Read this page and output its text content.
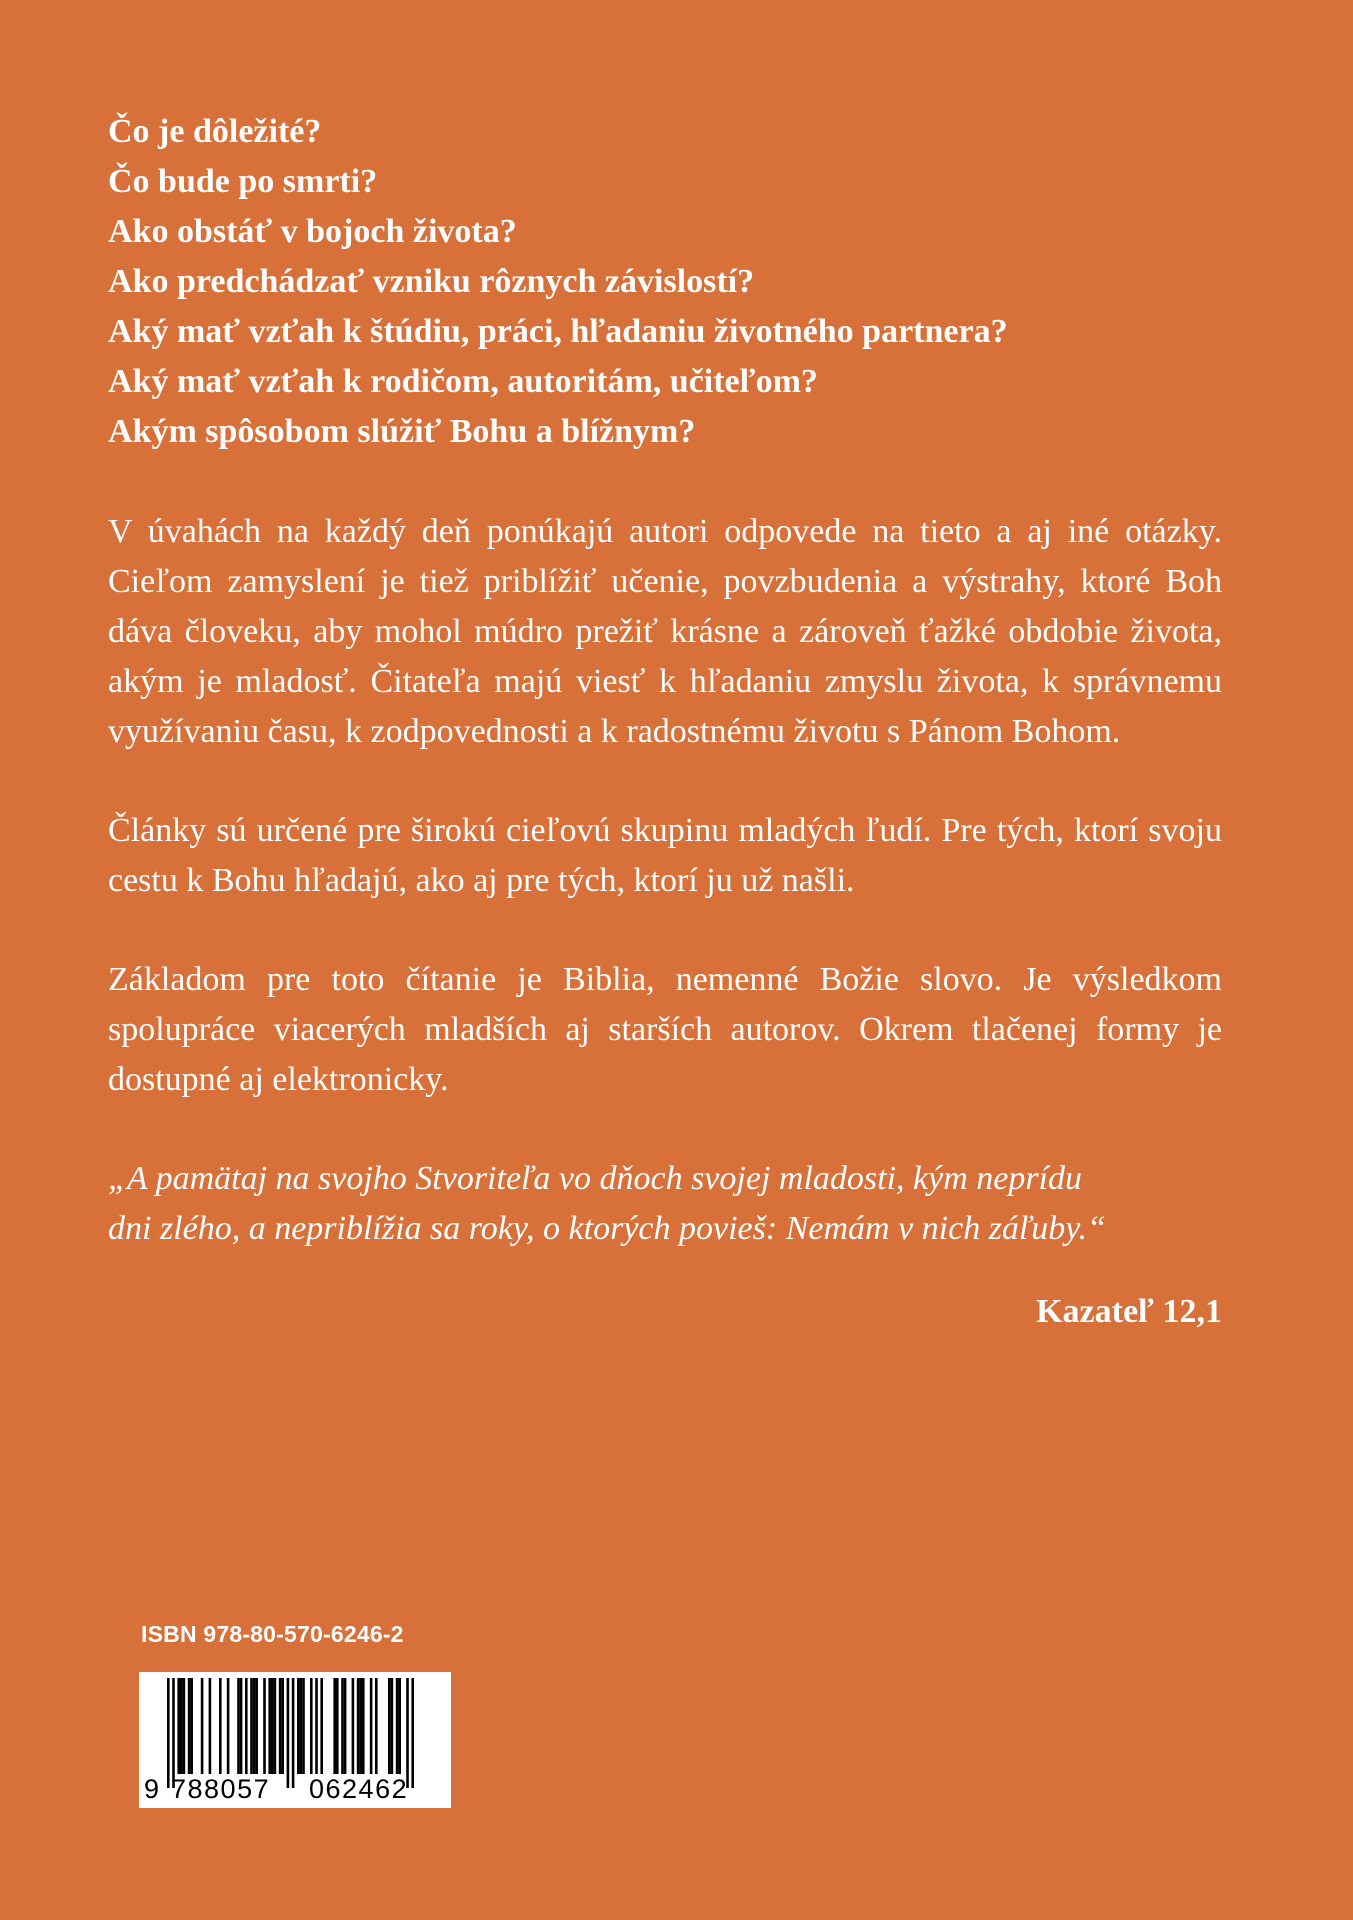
Čo je dôležité?
Čo bude po smrti?
Ako obstáť v bojoch života?
Ako predchádzať vzniku rôznych závislostí?
Aký mať vzťah k štúdiu, práci, hľadaniu životného partnera?
Aký mať vzťah k rodičom, autoritám, učiteľom?
Akým spôsobom slúžiť Bohu a blížnym?

V úvahách na každý deň ponúkajú autori odpovede na tieto a aj iné otázky. Cieľom zamyslení je tiež priblížiť učenie, povzbudenia a výstrahy, ktoré Boh dáva človeku, aby mohol múdro prežiť krásne a zároveň ťažké obdobie života, akým je mladosť. Čitateľa majú viesť k hľadaniu zmyslu života, k správnemu využívaniu času, k zodpovednosti a k radostnému životu s Pánom Bohom.

Články sú určené pre širokú cieľovú skupinu mladých ľudí. Pre tých, ktorí svoju cestu k Bohu hľadajú, ako aj pre tých, ktorí ju už našli.

Základom pre toto čítanie je Biblia, nemenné Božie slovo. Je výsledkom spolupráce viacerých mladších aj starších autorov. Okrem tlačenej formy je dostupné aj elektronicky.

„A pamätaj na svojho Stvoriteľa vo dňoch svojej mladosti, kým neprídu
dni zlého, a nepriblížia sa roky, o ktorých povieš: Nemám v nich záľuby.“
Kazateľ 12,1
ISBN 978-80-570-6246-2
9 788057 062462
